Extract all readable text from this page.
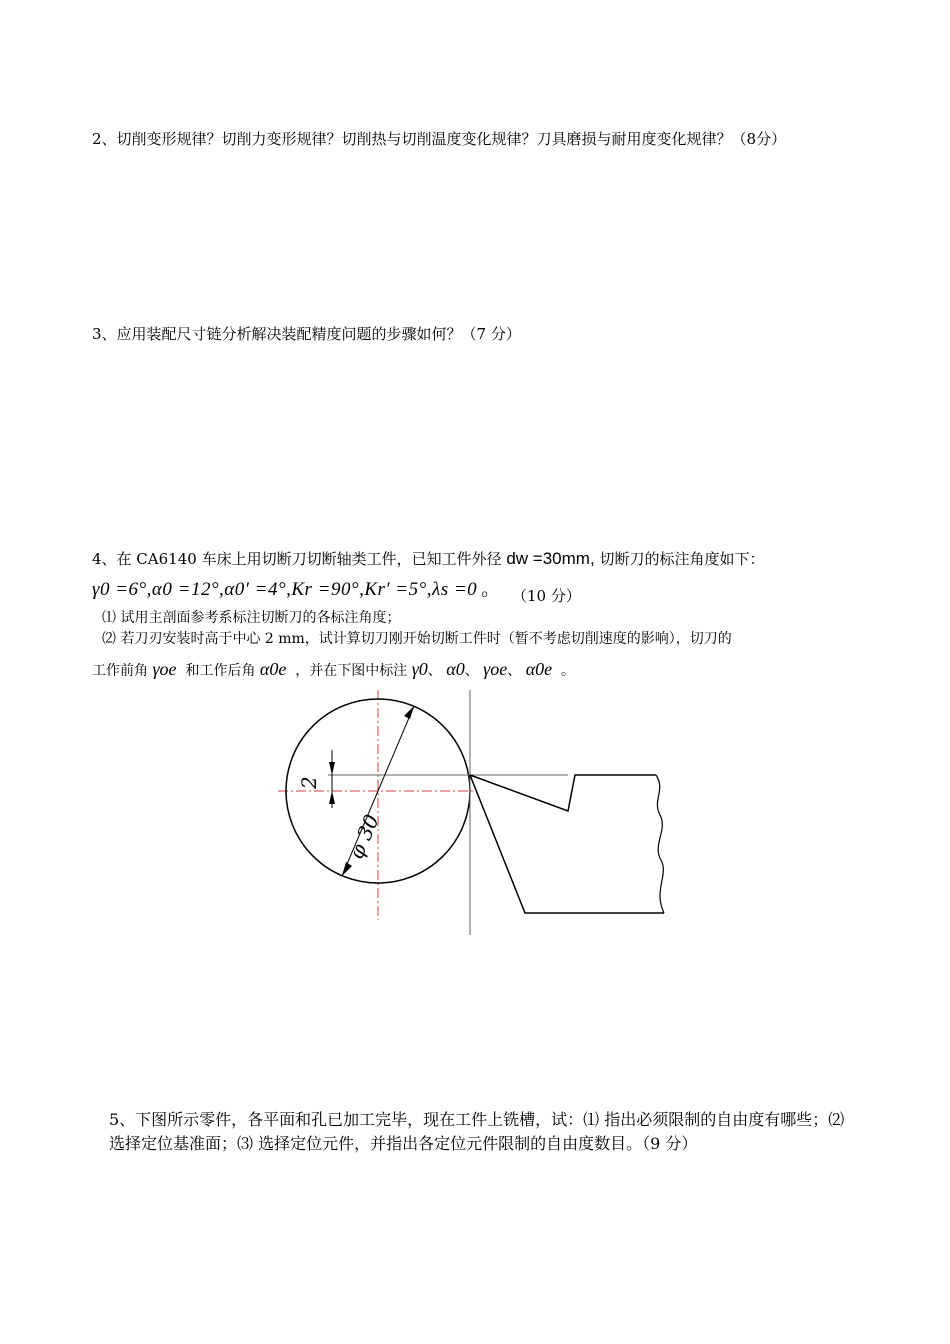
2、切削变形规律？切削力变形规律？切削热与切削温度变化规律？刀具磨损与耐用度变化规律？（8分）
3、应用装配尺寸链分析解决装配精度问题的步骤如何？（7 分）
4、在 CA6140 车床上用切断刀切断轴类工件，已知工件外径 dw =30mm, 切断刀的标注角度如下：
γ0 =6°,α0 =12°,α0′ =4°,Kr =90°,Kr′ =5°,λs =0 。 （10 分）
⑴ 试用主剖面参考系标注切断刀的各标注角度；
⑵ 若刀刃安装时高于中心 2 mm，试计算切刀刚开始切断工件时（暂不考虑切削速度的影响），切刀的
工作前角 γoe 和工作后角 α0e ，并在下图中标注 γ0、 α0、 γoe、 α0e 。
2
φ 30
5、下图所示零件，各平面和孔已加工完毕，现在工件上铣槽，试：⑴ 指出必须限制的自由度有哪些；⑵选择定位基准面；⑶ 选择定位元件，并指出各定位元件限制的自由度数目。（9 分）
